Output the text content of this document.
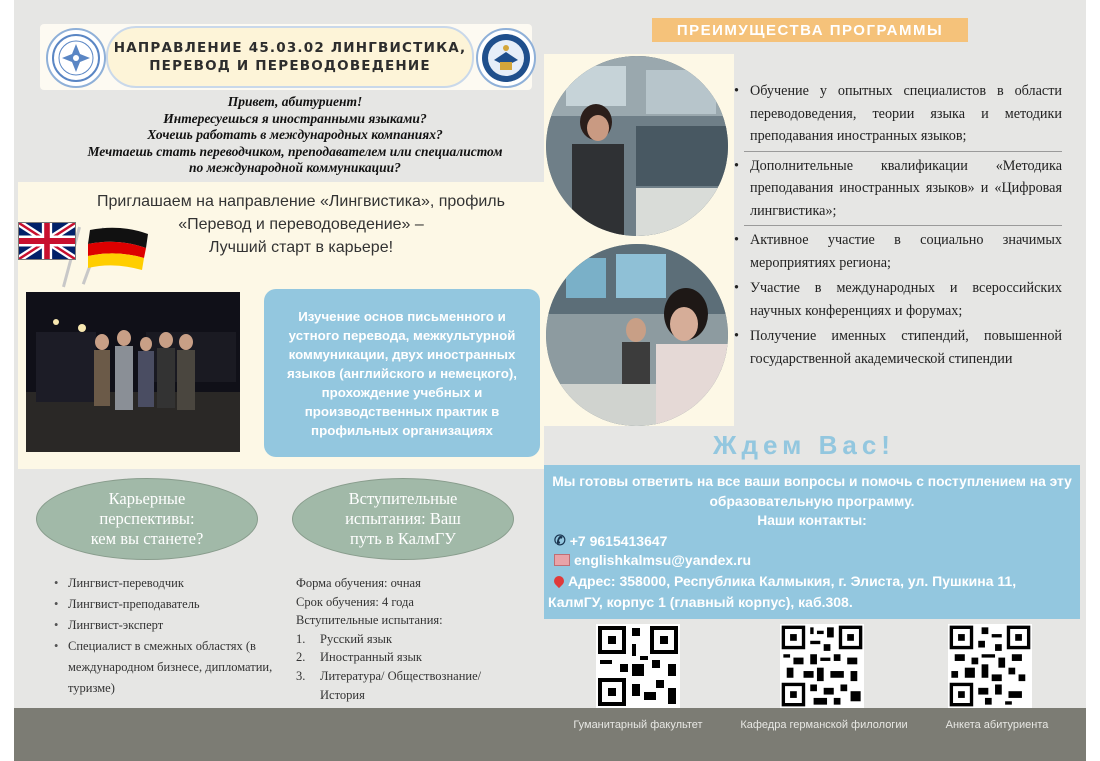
НАПРАВЛЕНИЕ 45.03.02 ЛИНГВИСТИКА,
ПЕРЕВОД И ПЕРЕВОДОВЕДЕНИЕ
Привет, абитуриент!
Интересуешься я иностранными языками?
Хочешь работать в международных компаниях?
Мечтаешь стать переводчиком, преподавателем или специалистом
по международной коммуникации?
Приглашаем на направление «Лингвистика», профиль
«Перевод и переводоведение» –
Лучший старт в карьере!
Изучение основ письменного и устного перевода, межкультурной коммуникации, двух иностранных языков (английского и немецкого), прохождение учебных и производственных практик в профильных организациях
Карьерные
перспективы:
кем вы станете?
Вступительные
испытания: Ваш
путь в КалмГУ
• Лингвист-переводчик
• Лингвист-преподаватель
• Лингвист-эксперт
• Специалист в смежных областях (в международном бизнесе, дипломатии, туризме)
Форма обучения: очная
Срок обучения: 4 года
Вступительные испытания:
1. Русский язык
2. Иностранный язык
3. Литература/ Обществознание/ История
ПРЕИМУЩЕСТВА ПРОГРАММЫ
• Обучение у опытных специалистов в области переводоведения, теории языка и методики преподавания иностранных языков;
• Дополнительные квалификации «Методика преподавания иностранных языков» и «Цифровая лингвистика»;
• Активное участие в социально значимых мероприятиях региона;
• Участие в международных и всероссийских научных конференциях и форумах;
• Получение именных стипендий, повышенной государственной академической стипендии
Ждем Вас!
Мы готовы ответить на все ваши вопросы и помочь с поступлением на эту образовательную программу.
Наши контакты:
✆ +7 9615413647
englishkalmsu@yandex.ru
Адрес: 358000, Республика Калмыкия, г. Элиста, ул. Пушкина 11,
КалмГУ, корпус 1 (главный корпус), каб.308.
Гуманитарный факультет	Кафедра германской филологии	Анкета абитуриента
